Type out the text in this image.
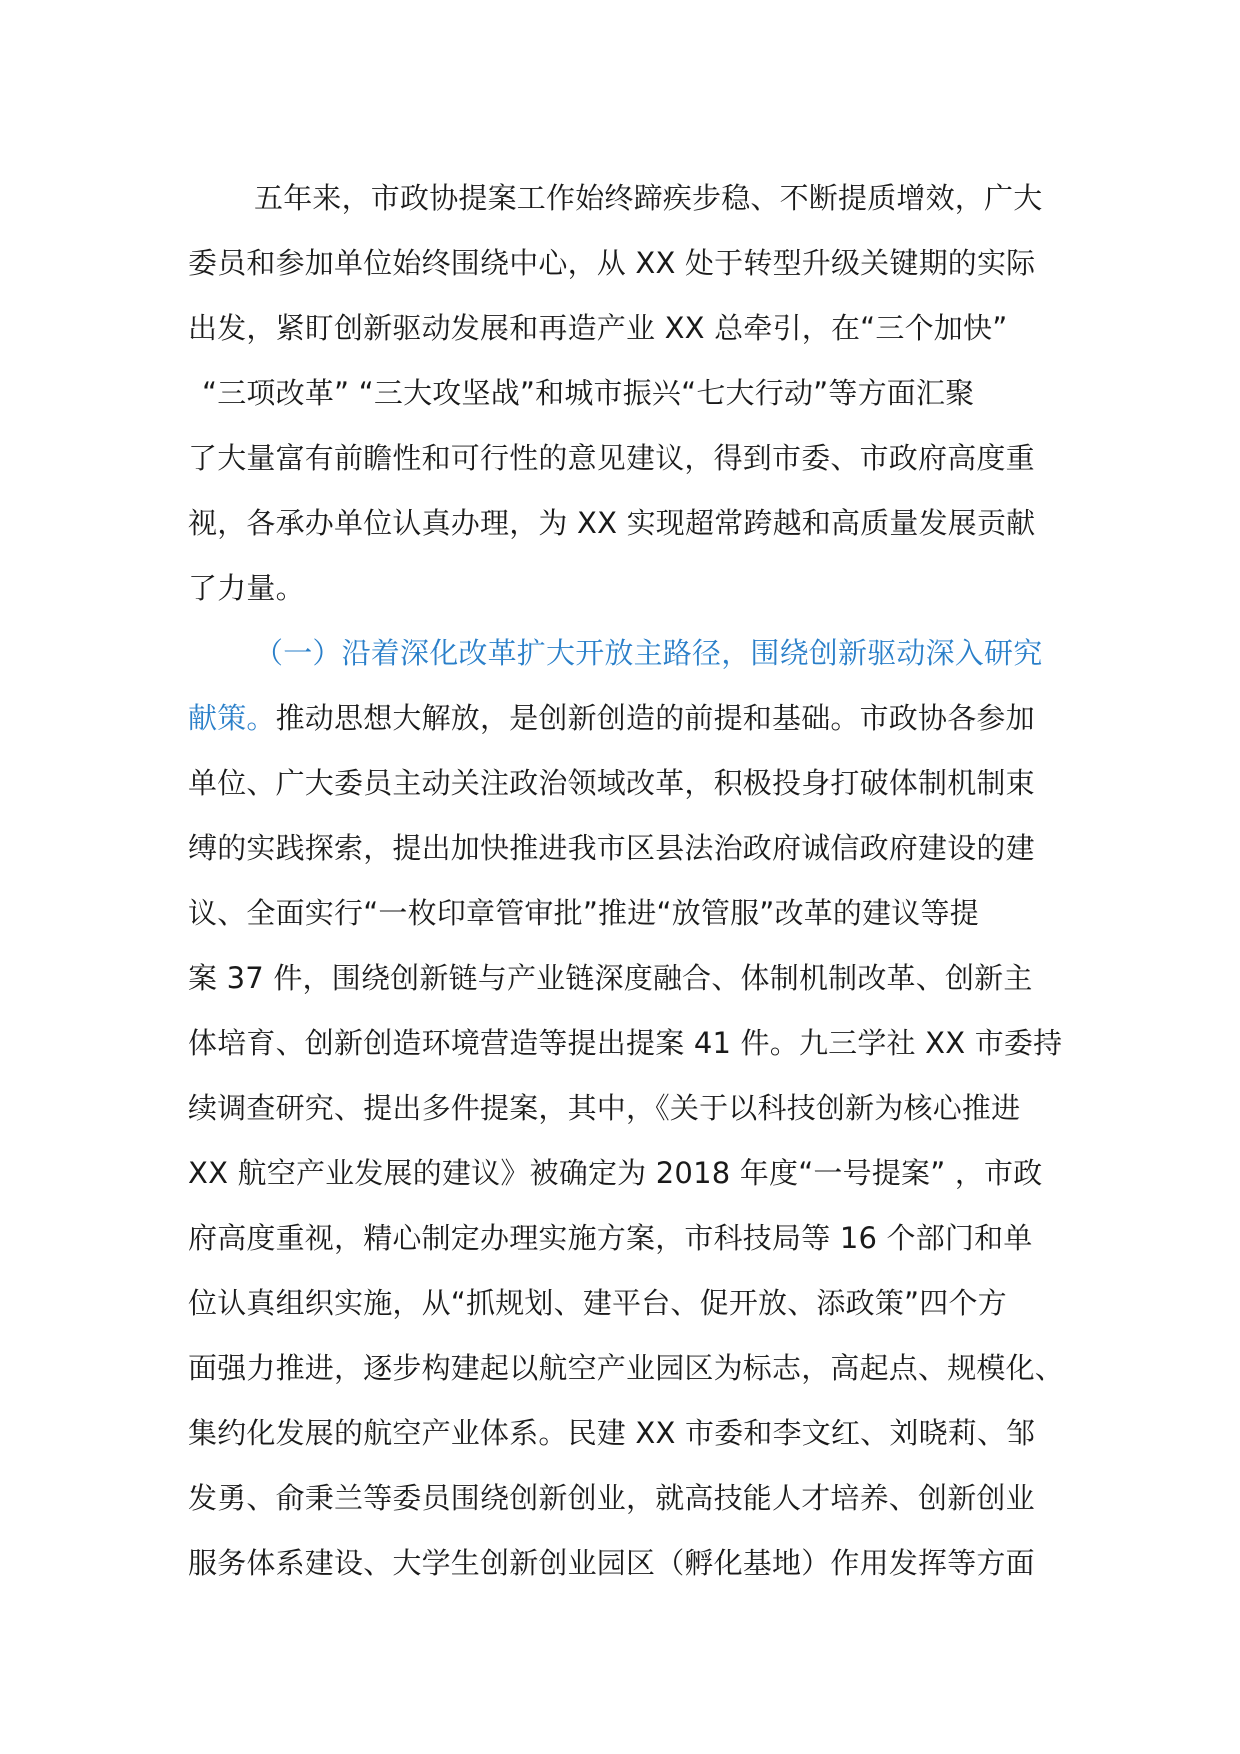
五年来，市政协提案工作始终蹄疾步稳、不断提质增效，广大
委员和参加单位始终围绕中心，从 XX 处于转型升级关键期的实际
出发，紧盯创新驱动发展和再造产业 XX 总牵引，在“三个加快”
“三项改革” “三大攻坚战”和城市振兴“七大行动”等方面汇聚
了大量富有前瞻性和可行性的意见建议，得到市委、市政府高度重
视，各承办单位认真办理，为 XX 实现超常跨越和高质量发展贡献
了力量。
（一）沿着深化改革扩大开放主路径，围绕创新驱动深入研究
献策。推动思想大解放，是创新创造的前提和基础。市政协各参加
单位、广大委员主动关注政治领域改革，积极投身打破体制机制束
缚的实践探索，提出加快推进我市区县法治政府诚信政府建设的建
议、全面实行“一枚印章管审批”推进“放管服”改革的建议等提
案 37 件，围绕创新链与产业链深度融合、体制机制改革、创新主
体培育、创新创造环境营造等提出提案 41 件。九三学社 XX 市委持
续调查研究、提出多件提案，其中，《关于以科技创新为核心推进
XX 航空产业发展的建议》被确定为 2018 年度“一号提案” ，市政
府高度重视，精心制定办理实施方案，市科技局等 16 个部门和单
位认真组织实施，从“抓规划、建平台、促开放、添政策”四个方
面强力推进，逐步构建起以航空产业园区为标志，高起点、规模化、
集约化发展的航空产业体系。民建 XX 市委和李文红、刘晓莉、邹
发勇、俞秉兰等委员围绕创新创业，就高技能人才培养、创新创业
服务体系建设、大学生创新创业园区（孵化基地）作用发挥等方面
